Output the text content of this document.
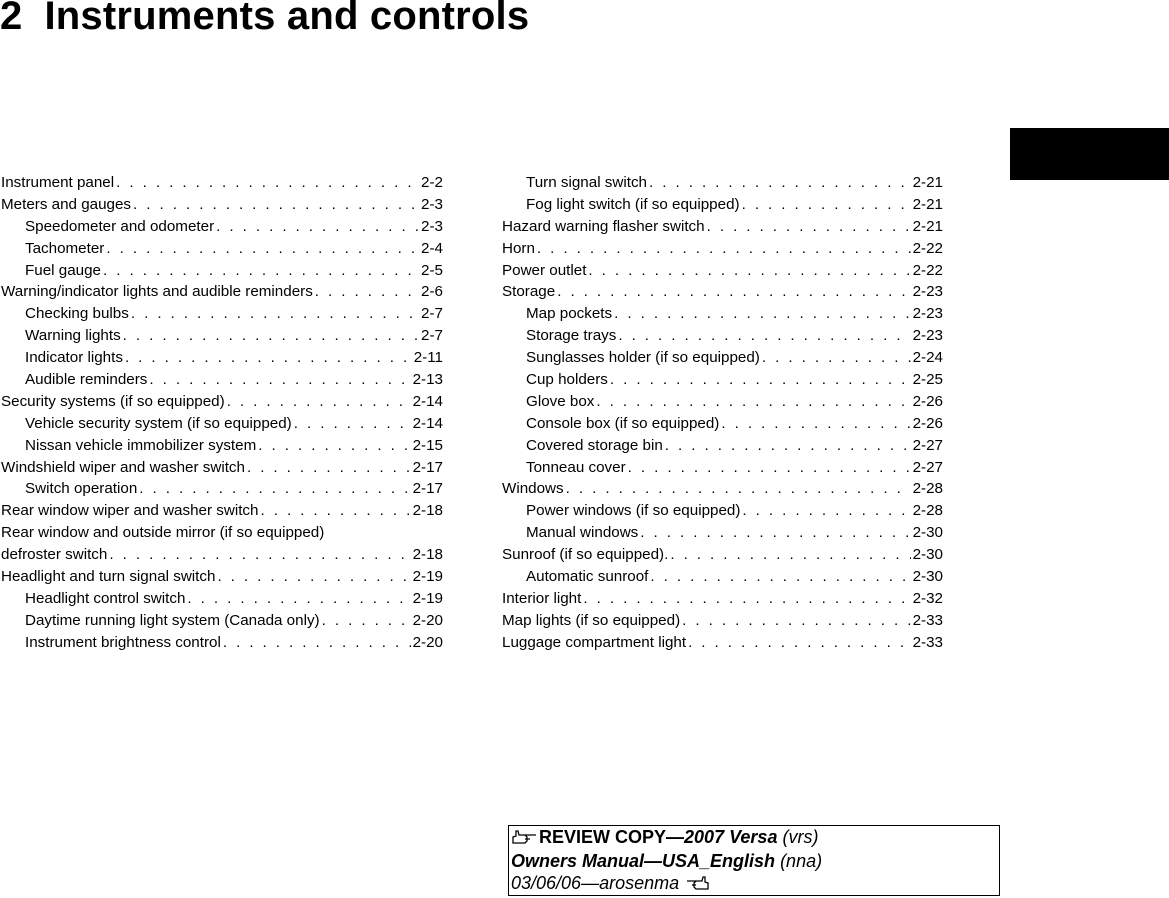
2 Instruments and controls
Instrument panel . . .	2-2
Meters and gauges . . .	2-3
Speedometer and odometer . . .	2-3
Tachometer . . .	2-4
Fuel gauge . . .	2-5
Warning/indicator lights and audible reminders . . .	2-6
Checking bulbs . . .	2-7
Warning lights . . .	2-7
Indicator lights . . .	2-11
Audible reminders . . .	2-13
Security systems (if so equipped) . . .	2-14
Vehicle security system (if so equipped) . . .	2-14
Nissan vehicle immobilizer system . . .	2-15
Windshield wiper and washer switch . . .	2-17
Switch operation . . .	2-17
Rear window wiper and washer switch . . .	2-18
Rear window and outside mirror (if so equipped)
defroster switch . . .	2-18
Headlight and turn signal switch . . .	2-19
Headlight control switch . . .	2-19
Daytime running light system (Canada only) . . .	2-20
Instrument brightness control . . .	2-20
Turn signal switch . . .	2-21
Fog light switch (if so equipped) . . .	2-21
Hazard warning flasher switch . . .	2-21
Horn . . .	2-22
Power outlet . . .	2-22
Storage . . .	2-23
Map pockets . . .	2-23
Storage trays . . .	2-23
Sunglasses holder (if so equipped) . . .	2-24
Cup holders . . .	2-25
Glove box . . .	2-26
Console box (if so equipped) . . .	2-26
Covered storage bin . . .	2-27
Tonneau cover . . .	2-27
Windows . . .	2-28
Power windows (if so equipped) . . .	2-28
Manual windows . . .	2-30
Sunroof (if so equipped). . . .	2-30
Automatic sunroof . . .	2-30
Interior light . . .	2-32
Map lights (if so equipped) . . .	2-33
Luggage compartment light . . .	2-33
REVIEW COPY—2007 Versa (vrs)
Owners Manual—USA_English (nna)
03/06/06—arosenma
